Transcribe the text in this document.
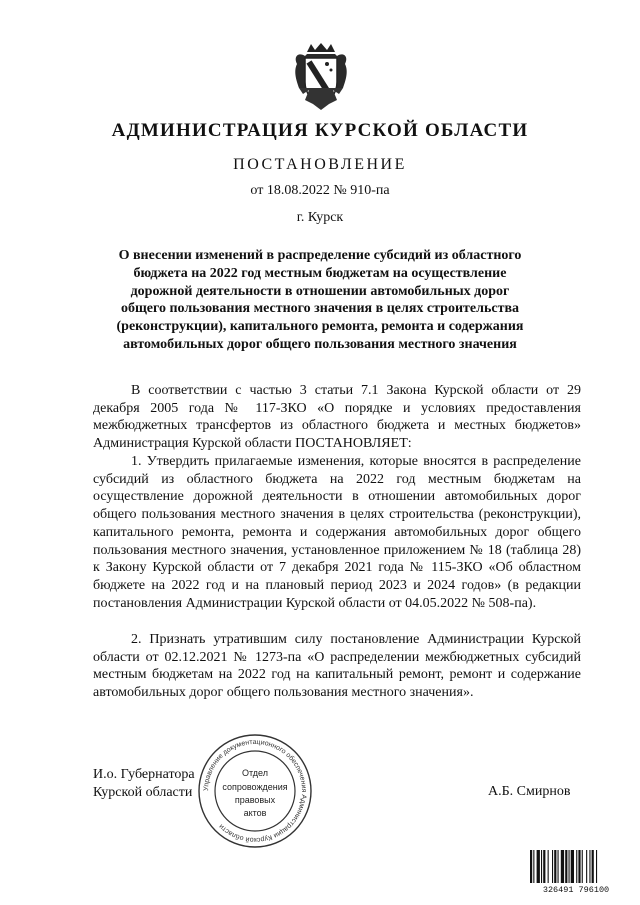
АДМИНИСТРАЦИЯ КУРСКОЙ ОБЛАСТИ
ПОСТАНОВЛЕНИЕ
от 18.08.2022 № 910-па
г. Курск
О внесении изменений в распределение субсидий из областного бюджета на 2022 год местным бюджетам на осуществление дорожной деятельности в отношении автомобильных дорог общего пользования местного значения в целях строительства (реконструкции), капитального ремонта, ремонта и содержания автомобильных дорог общего пользования местного значения

В соответствии с частью 3 статьи 7.1 Закона Курской области от 29 декабря 2005 года № 117-ЗКО «О порядке и условиях предоставления межбюджетных трансфертов из областного бюджета и местных бюджетов» Администрация Курской области ПОСТАНОВЛЯЕТ:

1. Утвердить прилагаемые изменения, которые вносятся в распределение субсидий из областного бюджета на 2022 год местным бюджетам на осуществление дорожной деятельности в отношении автомобильных дорог общего пользования местного значения в целях строительства (реконструкции), капитального ремонта, ремонта и содержания автомобильных дорог общего пользования местного значения, установленное приложением № 18 (таблица 28) к Закону Курской области от 7 декабря 2021 года № 115-ЗКО «Об областном бюджете на 2022 год и на плановый период 2023 и 2024 годов» (в редакции постановления Администрации Курской области от 04.05.2022 № 508-па).

2. Признать утратившим силу постановление Администрации Курской области от 02.12.2021 № 1273-па «О распределении межбюджетных субсидий местным бюджетам на 2022 год на капитальный ремонт, ремонт и содержание автомобильных дорог общего пользования местного значения».

И.о. Губернатора
Курской области	А.Б. Смирнов
Управление документационного обеспечения Администрации Курской области
Отдел
сопровождения
правовых
актов
326491 796100
